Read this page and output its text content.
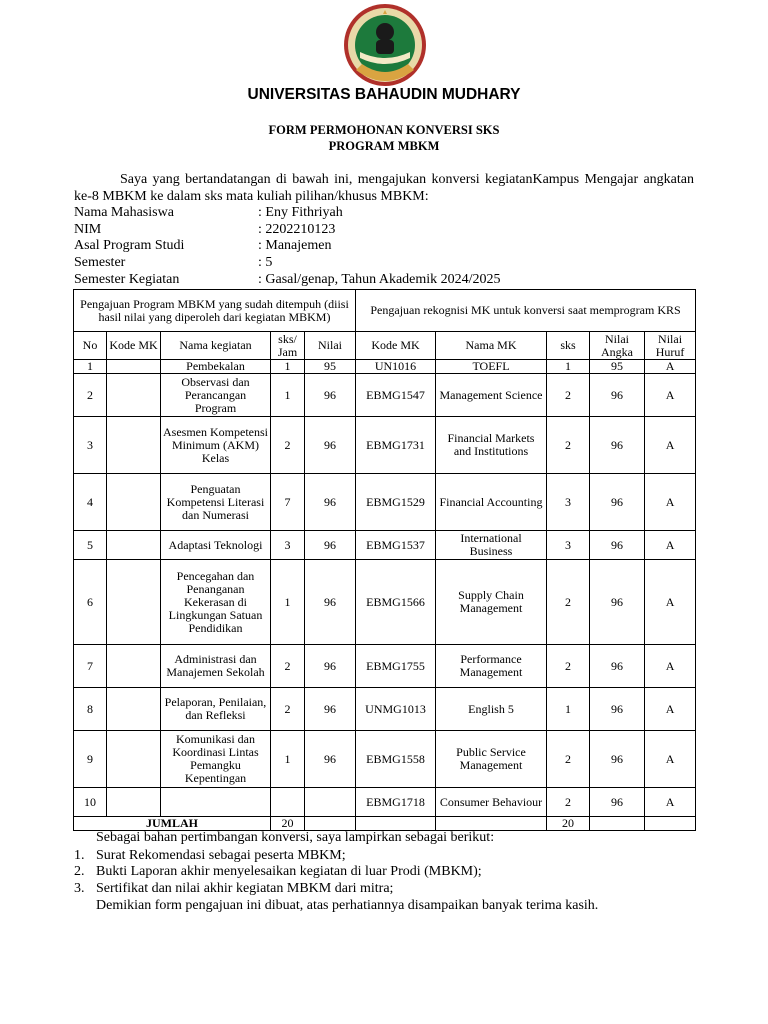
UNIVERSITAS BAHAUDIN MUDHARY
FORM PERMOHONAN KONVERSI SKS
PROGRAM MBKM
Saya yang bertandatangan di bawah ini, mengajukan konversi kegiatanKampus Mengajar angkatan ke-8 MBKM ke dalam sks mata kuliah pilihan/khusus MBKM:
Nama Mahasiswa	: Eny Fithriyah
NIM	: 2202210123
Asal Program Studi	: Manajemen
Semester	: 5
Semester Kegiatan	: Gasal/genap, Tahun Akademik 2024/2025
Pengajuan Program MBKM yang sudah ditempuh (diisi hasil nilai yang diperoleh dari kegiatan MBKM)					Pengajuan rekognisi MK untuk konversi saat memprogram KRS				
No	Kode MK	Nama kegiatan	sks/ Jam	Nilai	Kode MK	Nama MK	sks	Nilai Angka	Nilai Huruf
1		Pembekalan	1	95	UN1016	TOEFL	1	95	A
2		Observasi dan Perancangan Program	1	96	EBMG1547	Management Science	2	96	A
3		Asesmen Kompetensi Minimum (AKM) Kelas	2	96	EBMG1731	Financial Markets and Institutions	2	96	A
4		Penguatan Kompetensi Literasi dan Numerasi	7	96	EBMG1529	Financial Accounting	3	96	A
5		Adaptasi Teknologi	3	96	EBMG1537	International Business	3	96	A
6		Pencegahan dan Penanganan Kekerasan di Lingkungan Satuan Pendidikan	1	96	EBMG1566	Supply Chain Management	2	96	A
7		Administrasi dan Manajemen Sekolah	2	96	EBMG1755	Performance Management	2	96	A
8		Pelaporan, Penilaian, dan Refleksi	2	96	UNMG1013	English 5	1	96	A
9		Komunikasi dan Koordinasi Lintas Pemangku Kepentingan	1	96	EBMG1558	Public Service Management	2	96	A
10					EBMG1718	Consumer Behaviour	2	96	A
JUMLAH			20				20		
Sebagai bahan pertimbangan konversi, saya lampirkan sebagai berikut:
1. Surat Rekomendasi sebagai peserta MBKM;
2. Bukti Laporan akhir menyelesaikan kegiatan di luar Prodi (MBKM);
3. Sertifikat dan nilai akhir kegiatan MBKM dari mitra;
Demikian form pengajuan ini dibuat, atas perhatiannya disampaikan banyak terima kasih.
